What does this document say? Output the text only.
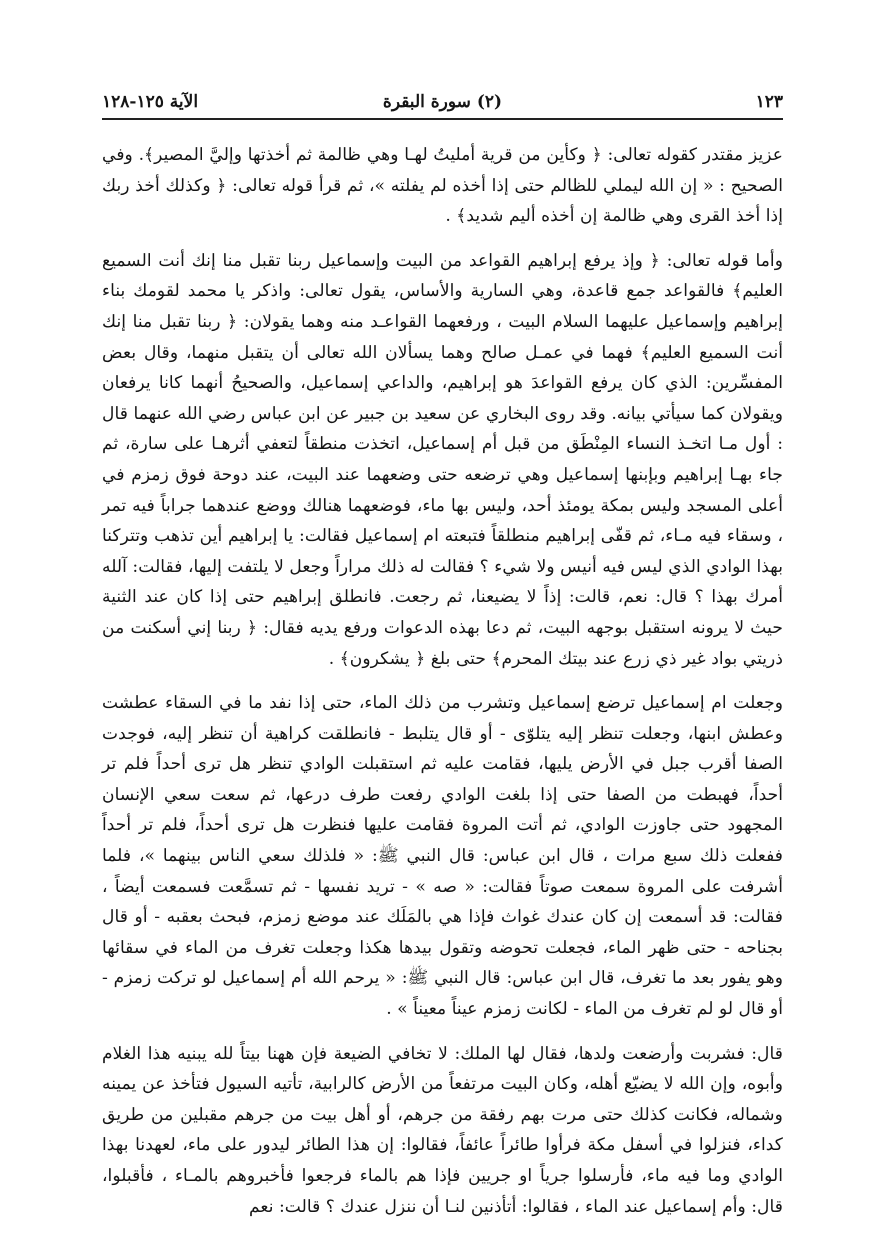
١٢٣
(٢) سورة البقرة
الآية ١٢٥-١٢٨

عزيز مقتدر كقوله تعالى: ﴿ وكأين من قرية أمليتُ لهـا وهي ظالمة ثم أخذتها وإليَّ المصير﴾. وفي الصحيح : « إن الله ليملي للظالم حتى إذا أخذه لم يفلته »، ثم قرأ قوله تعالى: ﴿ وكذلك أخذ ربك إذا أخذ القرى وهي ظالمة إن أخذه أليم شديد﴾ .

وأما قوله تعالى: ﴿ وإذ يرفع إبراهيم القواعد من البيت وإسماعيل ربنا تقبل منا إنك أنت السميع العليم﴾ فالقواعد جمع قاعدة، وهي السارية والأساس، يقول تعالى: واذكر يا محمد لقومك بناء إبراهيم وإسماعيل عليهما السلام البيت ، ورفعهما القواعـد منه وهما يقولان: ﴿ ربنا تقبل منا إنك أنت السميع العليم﴾ فهما في عمـل صالح وهما يسألان الله تعالى أن يتقبل منهما، وقال بعض المفسِّرين: الذي كان يرفع القواعدَ هو إبراهيم، والداعي إسماعيل، والصحيحُ أنهما كانا يرفعان ويقولان كما سيأتي بيانه. وقد روى البخاري عن سعيد بن جبير عن ابن عباس رضي الله عنهما قال : أول مـا اتخـذ النساء المِنْطَق من قبل أم إسماعيل، اتخذت منطقاً لتعفي أثرهـا على سارة، ثم جاء بهـا إبراهيم وبإبنها إسماعيل وهي ترضعه حتى وضعهما عند البيت، عند دوحة فوق زمزم في أعلى المسجد وليس بمكة يومئذ أحد، وليس بها ماء، فوضعهما هنالك ووضع عندهما جراباً فيه تمر ، وسقاء فيه مـاء، ثم قفّى إبراهيم منطلقاً فتبعته ام إسماعيل فقالت: يا إبراهيم أين تذهب وتتركنا بهذا الوادي الذي ليس فيه أنيس ولا شيء ؟ فقالت له ذلك مراراً وجعل لا يلتفت إليها، فقالت: آلله أمرك بهذا ؟ قال: نعم، قالت: إذاً لا يضيعنا، ثم رجعت. فانطلق إبراهيم حتى إذا كان عند الثنية حيث لا يرونه استقبل بوجهه البيت، ثم دعا بهذه الدعوات ورفع يديه فقال: ﴿ ربنا إني أسكنت من ذريتي بواد غير ذي زرع عند بيتك المحرم﴾ حتى بلغ ﴿ يشكرون﴾ .

وجعلت ام إسماعيل ترضع إسماعيل وتشرب من ذلك الماء، حتى إذا نفد ما في السقاء عطشت وعطش ابنها، وجعلت تنظر إليه يتلوّى - أو قال يتلبط - فانطلقت كراهية أن تنظر إليه، فوجدت الصفا أقرب جبل في الأرض يليها، فقامت عليه ثم استقبلت الوادي تنظر هل ترى أحداً فلم تر أحداً، فهبطت من الصفا حتى إذا بلغت الوادي رفعت طرف درعها، ثم سعت سعي الإنسان المجهود حتى جاوزت الوادي، ثم أتت المروة فقامت عليها فنظرت هل ترى أحداً، فلم تر أحداً ففعلت ذلك سبع مرات ، قال ابن عباس: قال النبي ﷺ: « فلذلك سعي الناس بينهما »، فلما أشرفت على المروة سمعت صوتاً فقالت: « صه » - تريد نفسها - ثم تسمَّعت فسمعت أيضاً ، فقالت: قد أسمعت إن كان عندك غواث فإذا هي بالمَلَك عند موضع زمزم، فبحث بعقبه - أو قال بجناحه - حتى ظهر الماء، فجعلت تحوضه وتقول بيدها هكذا وجعلت تغرف من الماء في سقائها وهو يفور بعد ما تغرف، قال ابن عباس: قال النبي ﷺ: « يرحم الله أم إسماعيل لو تركت زمزم - أو قال لو لم تغرف من الماء - لكانت زمزم عيناً معيناً » .

قال: فشربت وأرضعت ولدها، فقال لها الملك: لا تخافي الضيعة فإن ههنا بيتاً لله يبنيه هذا الغلام وأبوه، وإن الله لا يضيّع أهله، وكان البيت مرتفعاً من الأرض كالرابية، تأتيه السيول فتأخذ عن يمينه وشماله، فكانت كذلك حتى مرت بهم رفقة من جرهم، أو أهل بيت من جرهم مقبلين من طريق كداء، فنزلوا في أسفل مكة فرأوا طائراً عائفاً، فقالوا: إن هذا الطائر ليدور على ماء، لعهدنا بهذا الوادي وما فيه ماء، فأرسلوا جرياً او جريين فإذا هم بالماء فرجعوا فأخبروهم بالمـاء ، فأقبلوا، قال: وأم إسماعيل عند الماء ، فقالوا: أتأذنين لنـا أن ننزل عندك ؟ قالت: نعم
